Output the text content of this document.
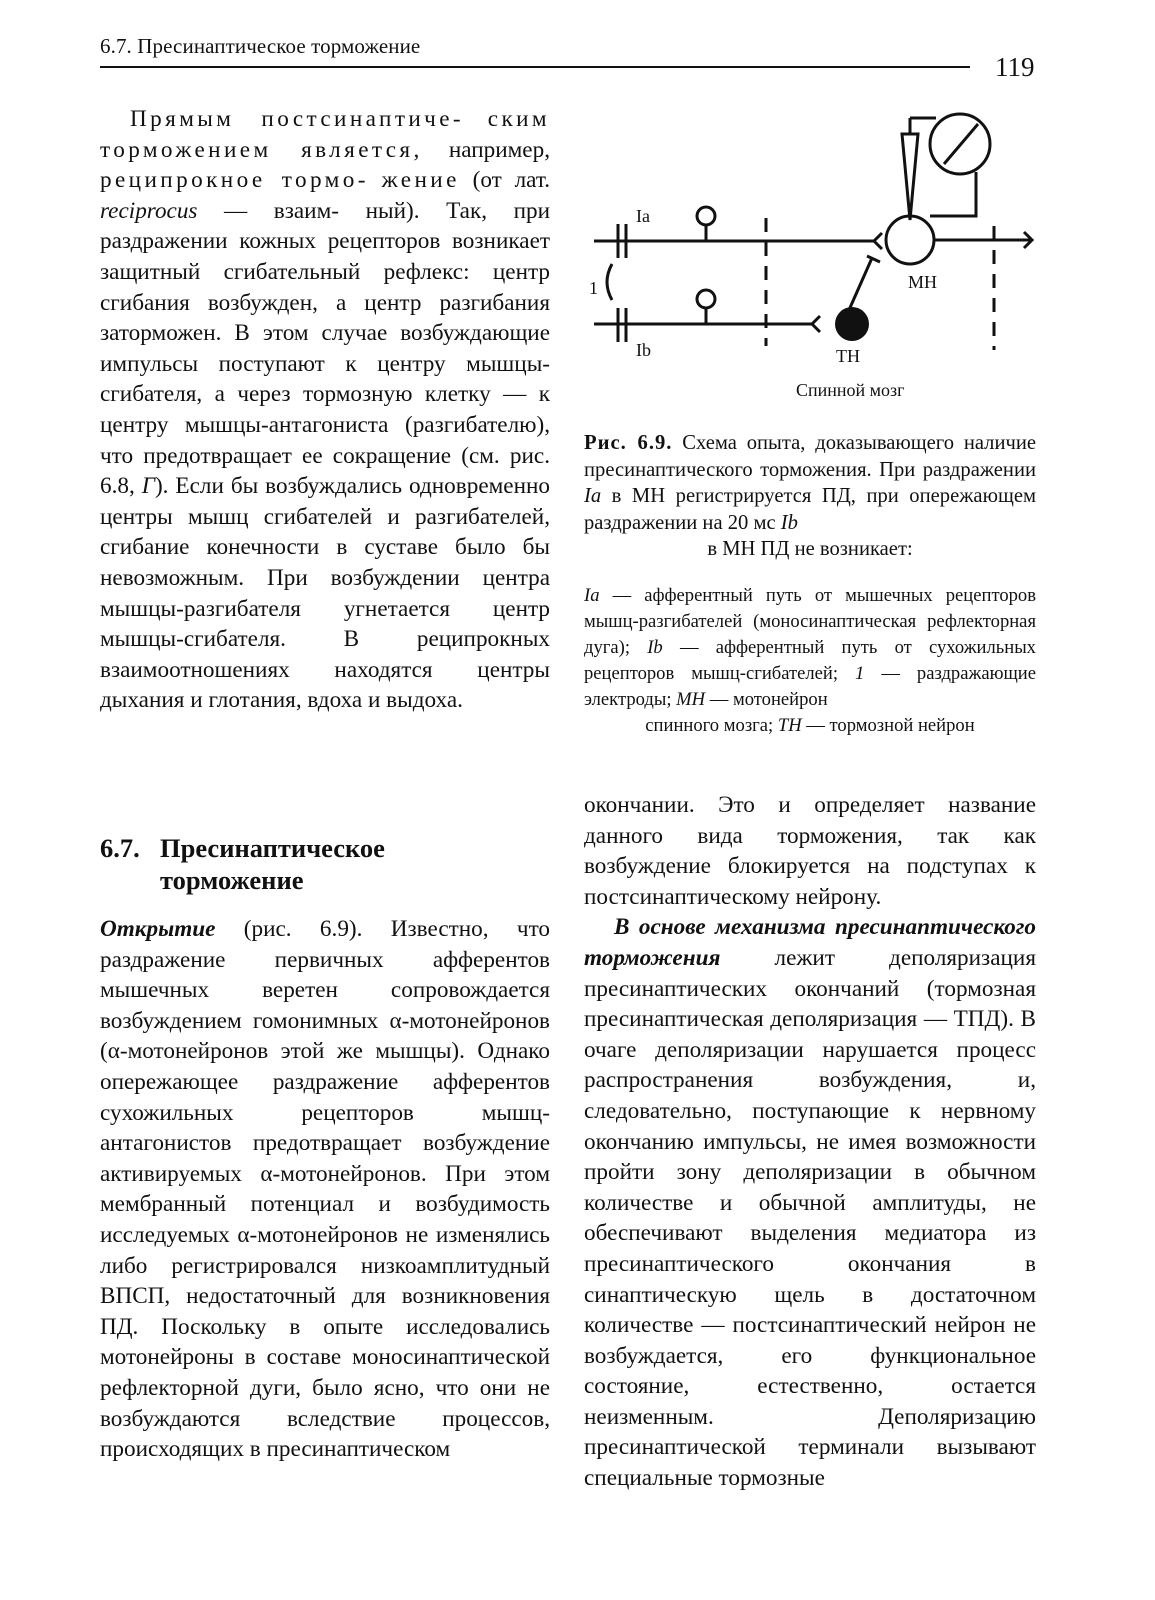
6.7. Пресинаптическое торможение
119

Прямым постсинаптиче- ским торможением является, например, реципрокное тормо- жение (от лат. reciprocus — взаим- ный). Так, при раздражении кожных рецепторов возникает защитный сгибательный рефлекс: центр сгибания возбужден, а центр разгибания заторможен. В этом случае возбуждающие импульсы поступают к центру мышцы-сгибателя, а через тормозную клетку — к центру мышцы-антагониста (разгибателю), что предотвращает ее сокращение (см. рис. 6.8, Г). Если бы возбуждались одновременно центры мышц сгибателей и разгибателей, сгибание конечности в суставе было бы невозможным. При возбуждении центра мышцы-разгибателя угнетается центр мышцы-сгибателя. В реципрокных взаимоотношениях находятся центры дыхания и глотания, вдоха и выдоха.

6.7. Пресинаптическое
торможение

Открытие (рис. 6.9). Известно, что раздражение первичных афферентов мышечных веретен сопровождается возбуждением гомонимных α-мотонейронов (α-мотонейронов этой же мышцы). Однако опережающее раздражение афферентов сухожильных рецепторов мышц-антагонистов предотвращает возбуждение активируемых α-мотонейронов. При этом мембранный потенциал и возбудимость исследуемых α-мотонейронов не изменялись либо регистрировался низкоамплитудный ВПСП, недостаточный для возникновения ПД. Поскольку в опыте исследовались мотонейроны в составе моносинаптической рефлекторной дуги, было ясно, что они не возбуждаются вследствие процессов, происходящих в пресинаптическом

окончании. Это и определяет название данного вида торможения, так как возбуждение блокируется на подступах к постсинаптическому нейрону.

В основе механизма пресинаптического торможения лежит деполяризация пресинаптических окончаний (тормозная пресинаптическая деполяризация — ТПД). В очаге деполяризации нарушается процесс распространения возбуждения, и, следовательно, поступающие к нервному окончанию импульсы, не имея возможности пройти зону деполяризации в обычном количестве и обычной амплитуды, не обеспечивают выделения медиатора из пресинаптического окончания в синаптическую щель в достаточном количестве — постсинаптический нейрон не возбуждается, его функциональное состояние, естественно, остается неизменным. Деполяризацию пресинаптической терминали вызывают специальные тормозные

Ia
Ib
1	МН
ТН
Спинной мозг
Рис. 6.9. Схема опыта, доказывающего наличие пресинаптического торможения. При раздражении Ia в МН регистрируется ПД, при опережающем раздражении на 20 мс Ib
в МН ПД не возникает:
Ia — афферентный путь от мышечных рецепторов мышц-разгибателей (моносинаптическая рефлекторная дуга); Ib — афферентный путь от сухожильных рецепторов мышц-сгибателей; 1 — раздражающие электроды; МН — мотонейрон
спинного мозга; ТН — тормозной нейрон
